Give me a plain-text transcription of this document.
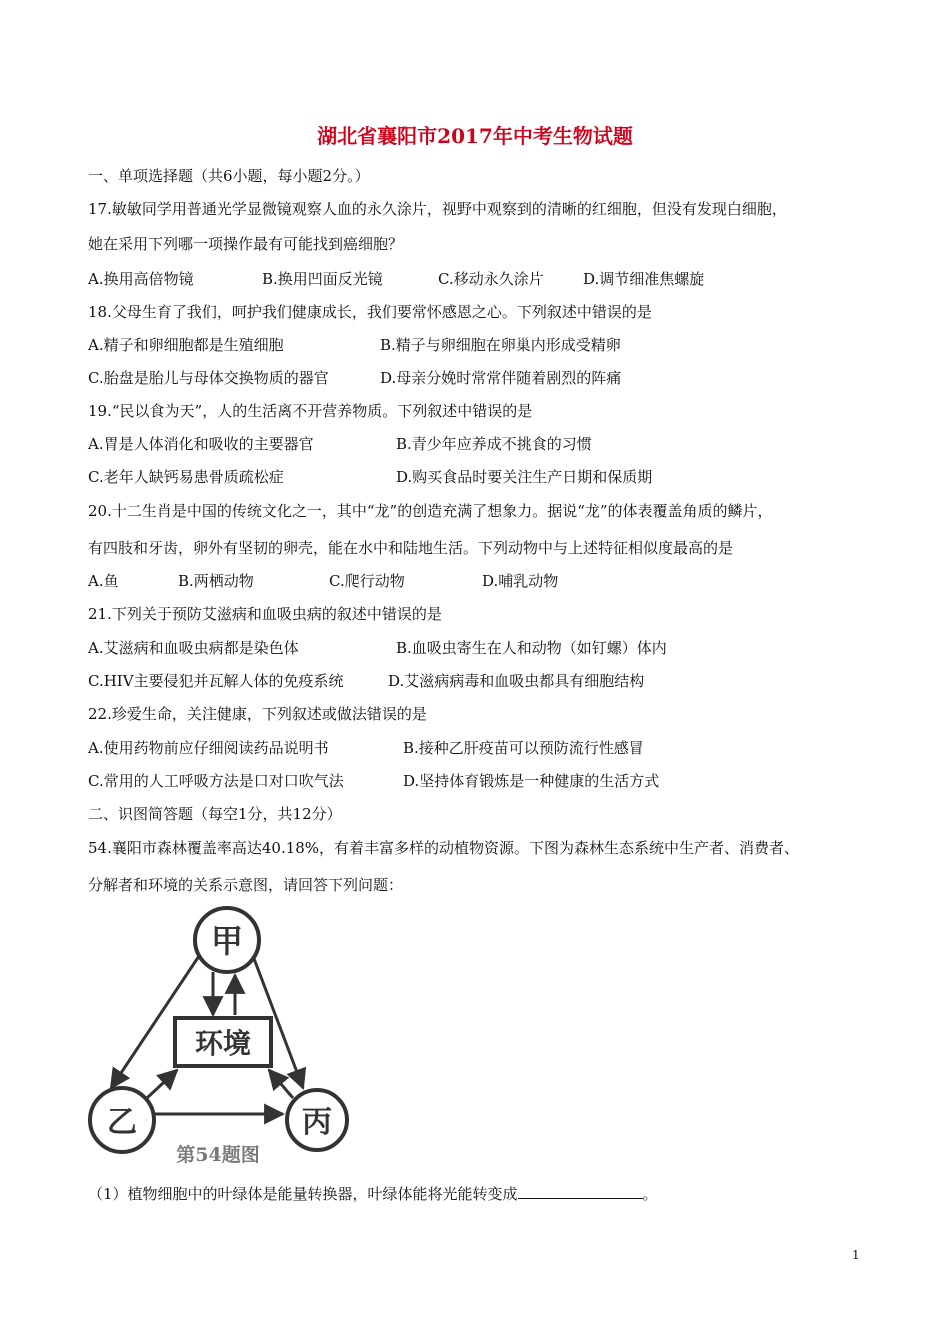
湖北省襄阳市2017年中考生物试题
一、单项选择题（共6小题，每小题2分。）
17.敏敏同学用普通光学显微镜观察人血的永久涂片，视野中观察到的清晰的红细胞，但没有发现白细胞，
她在采用下列哪一项操作最有可能找到癌细胞？
A.换用高倍物镜	B.换用凹面反光镜	C.移动永久涂片	D.调节细准焦螺旋
18.父母生育了我们，呵护我们健康成长，我们要常怀感恩之心。下列叙述中错误的是
A.精子和卵细胞都是生殖细胞	B.精子与卵细胞在卵巢内形成受精卵
C.胎盘是胎儿与母体交换物质的器官	D.母亲分娩时常常伴随着剧烈的阵痛
19.“民以食为天”，人的生活离不开营养物质。下列叙述中错误的是
A.胃是人体消化和吸收的主要器官	B.青少年应养成不挑食的习惯
C.老年人缺钙易患骨质疏松症	D.购买食品时要关注生产日期和保质期
20.十二生肖是中国的传统文化之一，其中“龙”的创造充满了想象力。据说“龙”的体表覆盖角质的鳞片，
有四肢和牙齿，卵外有坚韧的卵壳，能在水中和陆地生活。下列动物中与上述特征相似度最高的是
A.鱼	B.两栖动物	C.爬行动物	D.哺乳动物
21.下列关于预防艾滋病和血吸虫病的叙述中错误的是
A.艾滋病和血吸虫病都是染色体	B.血吸虫寄生在人和动物（如钉螺）体内
C.HIV主要侵犯并瓦解人体的免疫系统	D.艾滋病病毒和血吸虫都具有细胞结构
22.珍爱生命，关注健康，下列叙述或做法错误的是
A.使用药物前应仔细阅读药品说明书	B.接种乙肝疫苗可以预防流行性感冒
C.常用的人工呼吸方法是口对口吹气法	D.坚持体育锻炼是一种健康的生活方式
二、识图简答题（每空1分，共12分）
54.襄阳市森林覆盖率高达40.18%，有着丰富多样的动植物资源。下图为森林生态系统中生产者、消费者、
分解者和环境的关系示意图，请回答下列问题：
甲
环境
乙	丙
第54题图
（1）植物细胞中的叶绿体是能量转换器，叶绿体能将光能转变成	。
1
